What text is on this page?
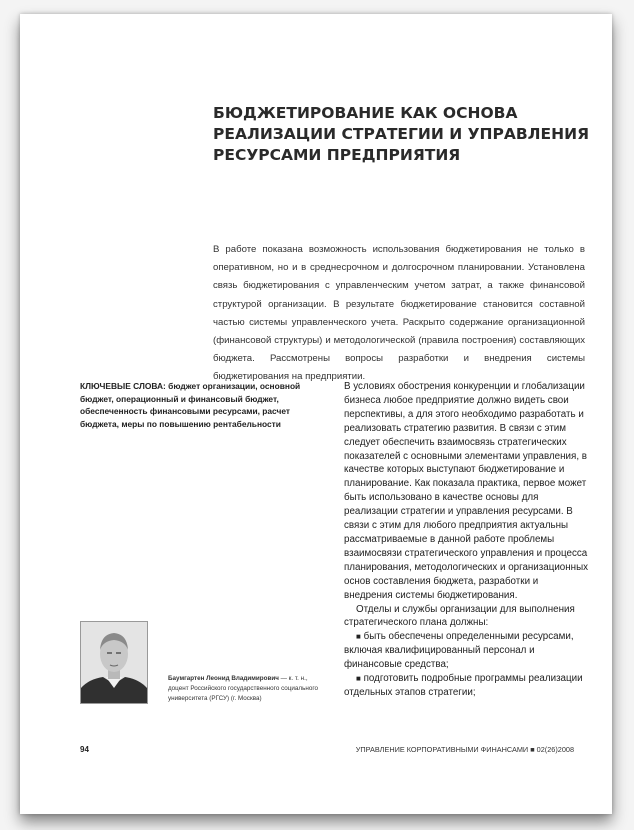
БЮДЖЕТИРОВАНИЕ КАК ОСНОВА
РЕАЛИЗАЦИИ СТРАТЕГИИ И УПРАВЛЕНИЯ
РЕСУРСАМИ ПРЕДПРИЯТИЯ

В работе показана возможность использования бюджетирования не только в оперативном, но и в среднесрочном и долгосрочном планировании. Установлена связь бюджетирования с управленческим учетом затрат, а также финансовой структурой организации. В результате бюджетирование становится составной частью системы управленческого учета. Раскрыто содержание организационной (финансовой структуры) и методологической (правила построения) составляющих бюджета. Рассмотрены вопросы разработки и внедрения системы бюджетирования на предприятии.

КЛЮЧЕВЫЕ СЛОВА: бюджет организации, основной бюджет, операционный и финансовый бюджет, обеспеченность финансовыми ресурсами, расчет бюджета, меры по повышению рентабельности

В условиях обострения конкуренции и глобализации бизнеса любое предприятие должно видеть свои перспективы, а для этого необходимо разработать и реализовать стратегию развития. В связи с этим следует обеспечить взаимосвязь стратегических показателей с основными элементами управления, в качестве которых выступают бюджетирование и планирование. Как показала практика, первое может быть использовано в качестве основы для реализации стратегии и управления ресурсами. В связи с этим для любого предприятия актуальны рассматриваемые в данной работе проблемы взаимосвязи стратегического управления и процесса планирования, методологических и организационных основ составления бюджета, разработки и внедрения системы бюджетирования.

Отделы и службы организации для выполнения стратегического плана должны:

■ быть обеспечены определенными ресурсами, включая квалифицированный персонал и финансовые средства;

■ подготовить подробные программы реализации отдельных этапов стратегии;

Баумгартен Леонид Владимирович — к. т. н., доцент Российского государственного социального университета (РГСУ) (г. Москва)

94	УПРАВЛЕНИЕ КОРПОРАТИВНЫМИ ФИНАНСАМИ ■ 02(26)2008
